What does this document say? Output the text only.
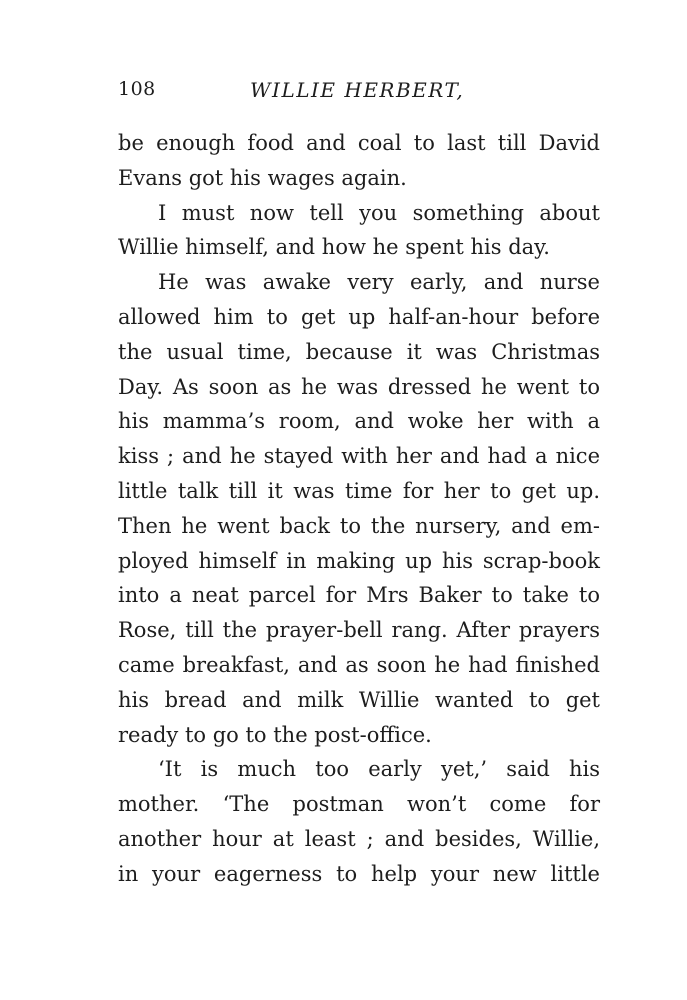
108	WILLIE HERBERT,
be enough food and coal to last till David
Evans got his wages again.
I must now tell you something about
Willie himself, and how he spent his day.
He was awake very early, and nurse
allowed him to get up half-an-hour before
the usual time, because it was Christmas
Day. As soon as he was dressed he went to
his mamma’s room, and woke her with a
kiss ; and he stayed with her and had a nice
little talk till it was time for her to get up.
Then he went back to the nursery, and em-
ployed himself in making up his scrap-book
into a neat parcel for Mrs Baker to take to
Rose, till the prayer-bell rang. After prayers
came breakfast, and as soon he had finished
his bread and milk Willie wanted to get
ready to go to the post-office.
‘It is much too early yet,’ said his
mother. ‘The postman won’t come for
another hour at least ; and besides, Willie,
in your eagerness to help your new little
